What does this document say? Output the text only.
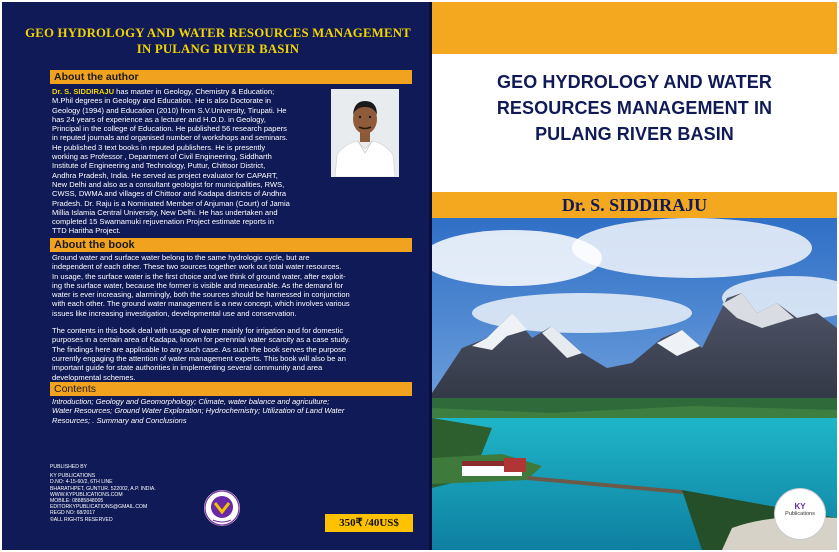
GEO HYDROLOGY AND WATER RESOURCES MANAGEMENT
IN PULANG RIVER BASIN
About the author
Dr. S. SIDDIRAJU has master in Geology, Chemistry & Education;
M.Phil degrees in Geology and Education. He is also Doctorate in
Geology (1994) and Education (2010) from S.V.University, Tirupati. He
has 24 years of experience as a lecturer and H.O.D. in Geology,
Principal in the college of Education. He published 56 research papers
in reputed journals and organised number of workshops and seminars.
He published 3 text books in reputed publishers. He is presently
working as Professor , Department of Civil Engineering, Siddharth
Institute of Engineering and Technology, Puttur, Chittoor District,
Andhra Pradesh, India. He served as project evaluator for CAPART,
New Delhi and also as a consultant geologist for municipalities, RWS,
CWSS, DWMA and villages of Chittoor and Kadapa districts of Andhra
Pradesh. Dr. Raju is a Nominated Member of Anjuman (Court) of Jamia
Millia Islamia Central University, New Delhi. He has undertaken and
completed 15 Swarnamuki rejuvenation Project estimate reports in
TTD Haritha Project.
About the book
Ground water and surface water belong to the same hydrologic cycle, but are
independent of each other. These two sources together work out total water resources.
In usage, the surface water is the first choice and we think of ground water, after exploit-
ing the surface water, because the former is visible and measurable. As the demand for
water is ever increasing, alarmingly, both the sources should be harnessed in conjunction
with each other. The ground water management is a new concept, which involves various
issues like increasing investigation, developmental use and conservation.
The contents in this book deal with usage of water mainly for irrigation and for domestic
purposes in a certain area of Kadapa, known for perennial water scarcity as a case study.
The findings here are applicable to any such case. As such the book serves the purpose
currently engaging the attention of water management experts. This book will also be an
important guide for state authorities in implementing several community and area
developmental schemes.
Contents
Introduction; Geology and Geomorphology; Climate, water balance and agriculture;
Water Resources; Ground Water Exploration; Hydrochemistry; Utilization of Land Water
Resources; . Summary and Conclusions
PUBLISHED BY
KY PUBLICATIONS
D.NO: 4-15-60/2, 6TH LINE
BHARATHPET, GUNTUR. 522002, A.P. INDIA.
WWW.KYPUBLICATIONS.COM
MOBILE: 08885848005
EDITORKYPUBLICATIONS@GMAIL.COM
REGD NO: 68/2017
©ALL RIGHTS RESERVED	350₹ /40US$
GEO HYDROLOGY AND WATER
RESOURCES MANAGEMENT IN
PULANG RIVER BASIN
Dr. S. SIDDIRAJU
KY
Publications
